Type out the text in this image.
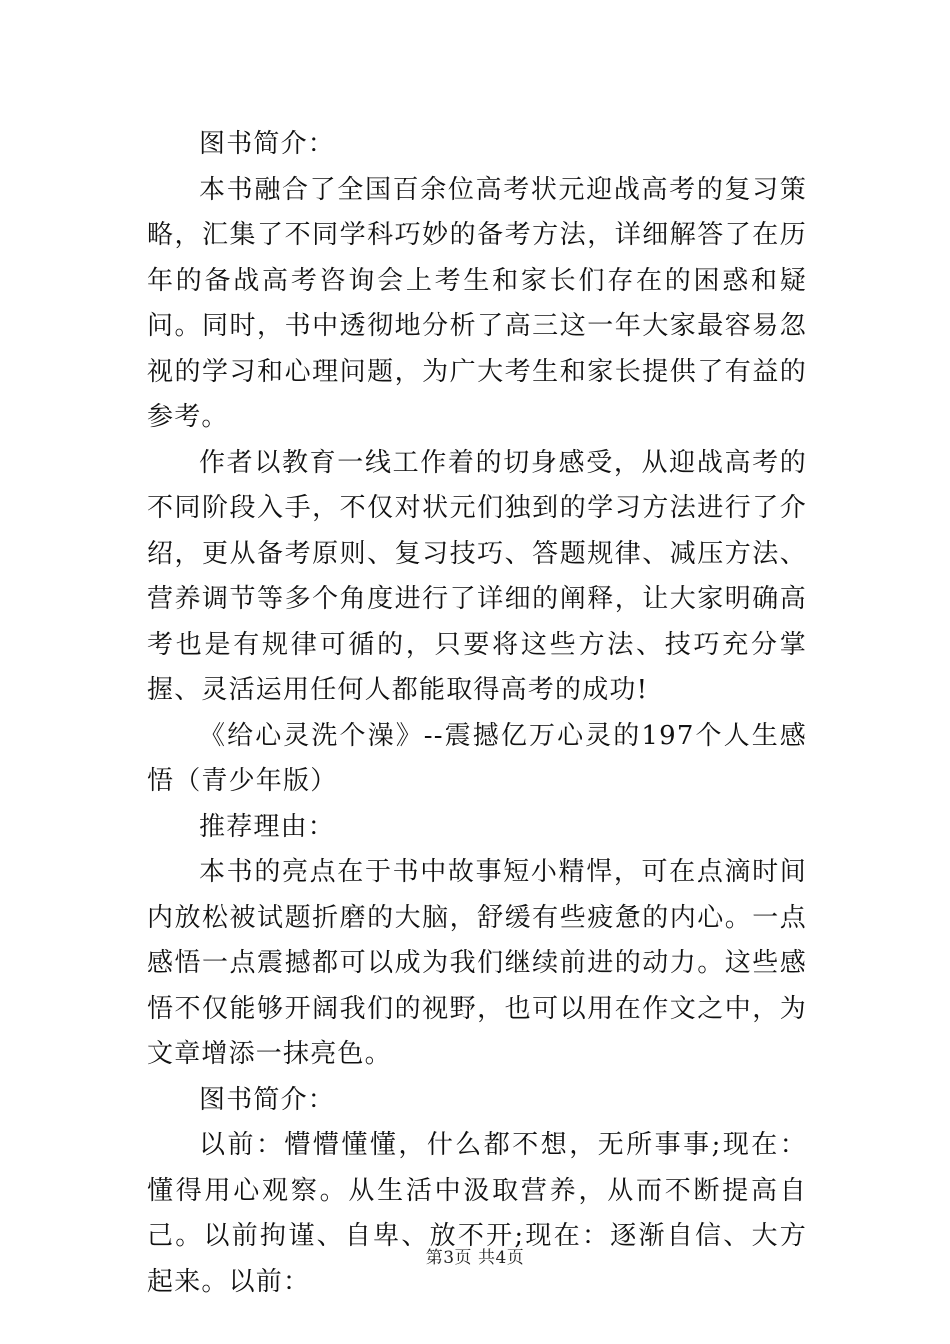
图书简介：

本书融合了全国百余位高考状元迎战高考的复习策略，汇集了不同学科巧妙的备考方法，详细解答了在历年的备战高考咨询会上考生和家长们存在的困惑和疑问。同时，书中透彻地分析了高三这一年大家最容易忽视的学习和心理问题，为广大考生和家长提供了有益的参考。

作者以教育一线工作着的切身感受，从迎战高考的不同阶段入手，不仅对状元们独到的学习方法进行了介绍，更从备考原则、复习技巧、答题规律、减压方法、营养调节等多个角度进行了详细的阐释，让大家明确高考也是有规律可循的，只要将这些方法、技巧充分掌握、灵活运用任何人都能取得高考的成功!

《给心灵洗个澡》--震撼亿万心灵的197个人生感悟（青少年版）

推荐理由：

本书的亮点在于书中故事短小精悍，可在点滴时间内放松被试题折磨的大脑，舒缓有些疲惫的内心。一点感悟一点震撼都可以成为我们继续前进的动力。这些感悟不仅能够开阔我们的视野，也可以用在作文之中，为文章增添一抹亮色。

图书简介：

以前：懵懵懂懂，什么都不想，无所事事;现在：懂得用心观察。从生活中汲取营养，从而不断提高自己。以前拘谨、自卑、放不开;现在：逐渐自信、大方起来。以前：

第3页 共4页
